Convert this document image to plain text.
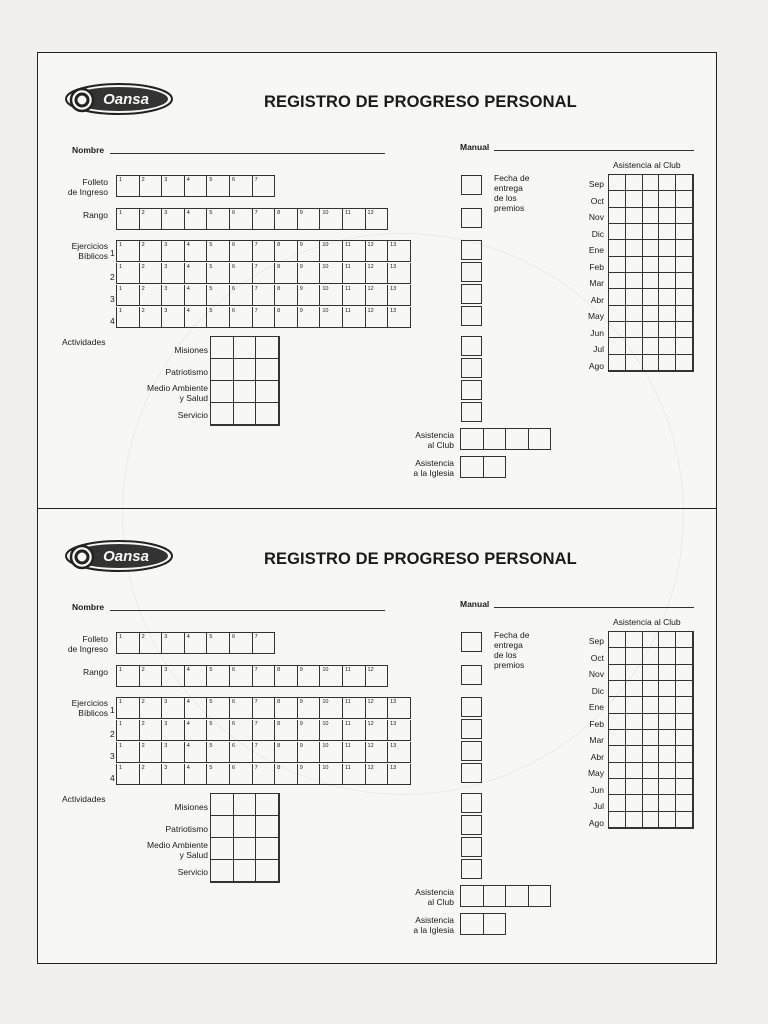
Oansa	REGISTRO DE PROGRESO PERSONAL
Nombre	Manual
Folleto
de Ingreso
1	2	3	4	5	6	7
Rango 1	2	3	4	5	6	7	8	9	10	11	12
Ejercicios
Bíblicos
1	2	3	4	5	6	7	8	9	10	11	12	13
1
1	2	3	4	5	6	7	8	9	10	11	12	13
2
1	2	3	4	5	6	7	8	9	10	11	12	13
3
1	2	3	4	5	6	7	8	9	10	11	12	13
4
Actividades
Misiones
Patriotismo
Medio Ambiente
y Salud
Servicio
Fecha de
entrega
de los
premios
Asistencia al Club
Sep
Oct
Nov
Dic
Ene
Feb
Mar
Abr
May
Jun
Jul
Ago
Asistencia
al Club
Asistencia
a la Iglesia
Oansa	REGISTRO DE PROGRESO PERSONAL
Nombre	Manual
Folleto
de Ingreso
1	2	3	4	5	6	7
Rango 1	2	3	4	5	6	7	8	9	10	11	12
Ejercicios
Bíblicos
1	2	3	4	5	6	7	8	9	10	11	12	13
1
1	2	3	4	5	6	7	8	9	10	11	12	13
2
1	2	3	4	5	6	7	8	9	10	11	12	13
3
1	2	3	4	5	6	7	8	9	10	11	12	13
4
Actividades
Misiones
Patriotismo
Medio Ambiente
y Salud
Servicio
Fecha de
entrega
de los
premios
Asistencia al Club
Sep
Oct
Nov
Dic
Ene
Feb
Mar
Abr
May
Jun
Jul
Ago
Asistencia
al Club
Asistencia
a la Iglesia
